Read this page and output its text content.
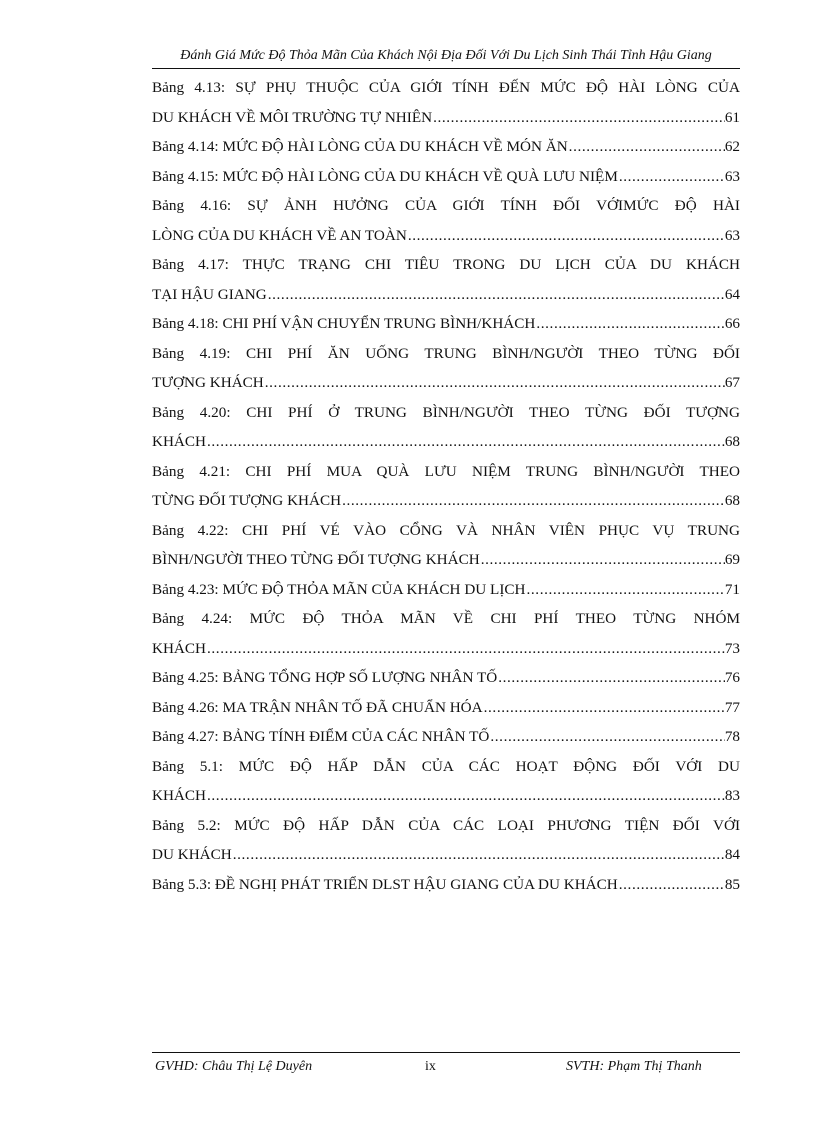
Đánh Giá Mức Độ Thỏa Mãn Của Khách Nội Địa Đối Với Du Lịch Sinh Thái Tỉnh Hậu Giang
Bảng 4.13: SỰ PHỤ THUỘC CỦA GIỚI TÍNH ĐẾN MỨC ĐỘ HÀI LÒNG CỦA
DU KHÁCH VỀ MÔI TRƯỜNG TỰ NHIÊN .....	61
Bảng 4.14: MỨC ĐỘ HÀI LÒNG CỦA DU KHÁCH VỀ MÓN ĂN .....	62
Bảng 4.15: MỨC ĐỘ HÀI LÒNG CỦA DU KHÁCH VỀ QUÀ LƯU NIỆM .....	63
Bảng 4.16: SỰ ẢNH HƯỞNG CỦA GIỚI TÍNH ĐỐI VỚIMỨC ĐỘ HÀI
LÒNG CỦA DU KHÁCH VỀ AN TOÀN .....	63
Bảng 4.17: THỰC TRẠNG CHI TIÊU TRONG DU LỊCH CỦA DU KHÁCH
TẠI HẬU GIANG .....	64
Bảng 4.18: CHI PHÍ VẬN CHUYỂN TRUNG BÌNH/KHÁCH .....	66
Bảng 4.19: CHI PHÍ ĂN UỐNG TRUNG BÌNH/NGƯỜI THEO TỪNG ĐỐI
TƯỢNG KHÁCH .....	67
Bảng 4.20: CHI PHÍ Ở TRUNG BÌNH/NGƯỜI THEO TỪNG ĐỐI TƯỢNG
KHÁCH .....	68
Bảng 4.21: CHI PHÍ MUA QUÀ LƯU NIỆM TRUNG BÌNH/NGƯỜI THEO
TỪNG ĐỐI TƯỢNG KHÁCH .....	68
Bảng 4.22: CHI PHÍ VÉ VÀO CỔNG VÀ NHÂN VIÊN PHỤC VỤ TRUNG
BÌNH/NGƯỜI THEO TỪNG ĐỐI TƯỢNG KHÁCH .....	69
Bảng 4.23: MỨC ĐỘ THỎA MÃN CỦA KHÁCH DU LỊCH .....	71
Bảng 4.24: MỨC ĐỘ THỎA MÃN VỀ CHI PHÍ THEO TỪNG NHÓM
KHÁCH .....	73
Bảng 4.25: BẢNG TỔNG HỢP SỐ LƯỢNG NHÂN TỐ .....	76
Bảng 4.26: MA TRẬN NHÂN TỐ ĐÃ CHUẨN HÓA .....	77
Bảng 4.27: BẢNG TÍNH ĐIỂM CỦA CÁC NHÂN TỐ .....	78
Bảng 5.1: MỨC ĐỘ HẤP DẪN CỦA CÁC HOẠT ĐỘNG ĐỐI VỚI DU
KHÁCH .....	83
Bảng 5.2: MỨC ĐỘ HẤP DẪN CỦA CÁC LOẠI PHƯƠNG TIỆN ĐỐI VỚI
DU KHÁCH .....	84
Bảng 5.3: ĐỀ NGHỊ PHÁT TRIỂN DLST HẬU GIANG CỦA DU KHÁCH .....	85
GVHD: Châu Thị Lệ Duyên	ix	SVTH: Phạm Thị Thanh
